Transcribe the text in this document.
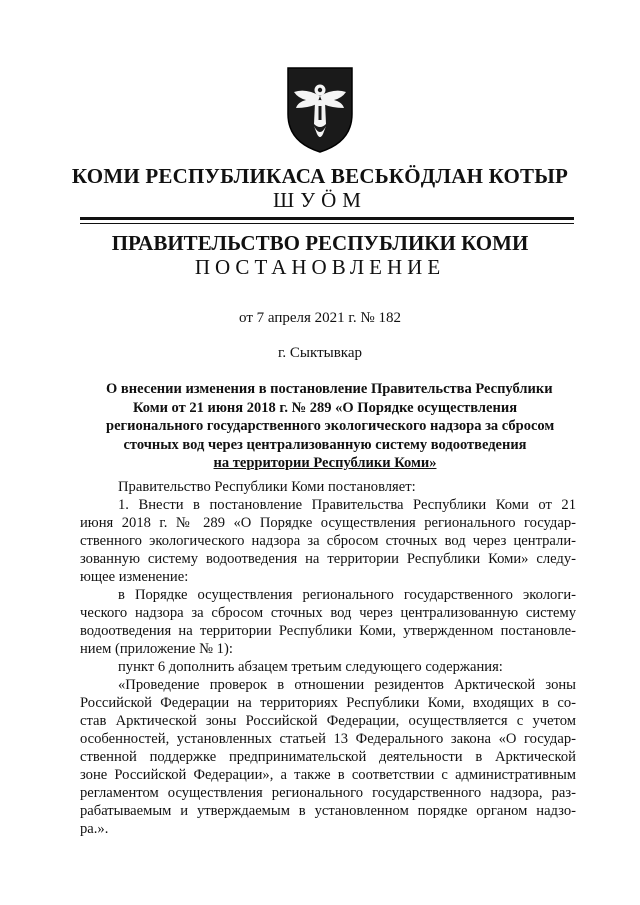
КОМИ РЕСПУБЛИКАСА ВЕСЬКӦДЛАН КОТЫР
ШУӦМ
ПРАВИТЕЛЬСТВО РЕСПУБЛИКИ КОМИ
ПОСТАНОВЛЕНИЕ
от 7 апреля 2021 г. № 182
г. Сыктывкар
О внесении изменения в постановление Правительства Республики
Коми от 21 июня 2018 г. № 289 «О Порядке осуществления
регионального государственного экологического надзора за сбросом
сточных вод через централизованную систему водоотведения
на территории Республики Коми»
Правительство Республики Коми постановляет:
1. Внести в постановление Правительства Республики Коми от 21
июня 2018 г. № 289 «О Порядке осуществления регионального государ-
ственного экологического надзора за сбросом сточных вод через централи-
зованную систему водоотведения на территории Республики Коми» следу-
ющее изменение:
в Порядке осуществления регионального государственного экологи-
ческого надзора за сбросом сточных вод через централизованную систему
водоотведения на территории Республики Коми, утвержденном постановле-
нием (приложение № 1):
пункт 6 дополнить абзацем третьим следующего содержания:
«Проведение проверок в отношении резидентов Арктической зоны
Российской Федерации на территориях Республики Коми, входящих в со-
став Арктической зоны Российской Федерации, осуществляется с учетом
особенностей, установленных статьей 13 Федерального закона «О государ-
ственной поддержке предпринимательской деятельности в Арктической
зоне Российской Федерации», а также в соответствии с административным
регламентом осуществления регионального государственного надзора, раз-
рабатываемым и утверждаемым в установленном порядке органом надзо-
ра.».
